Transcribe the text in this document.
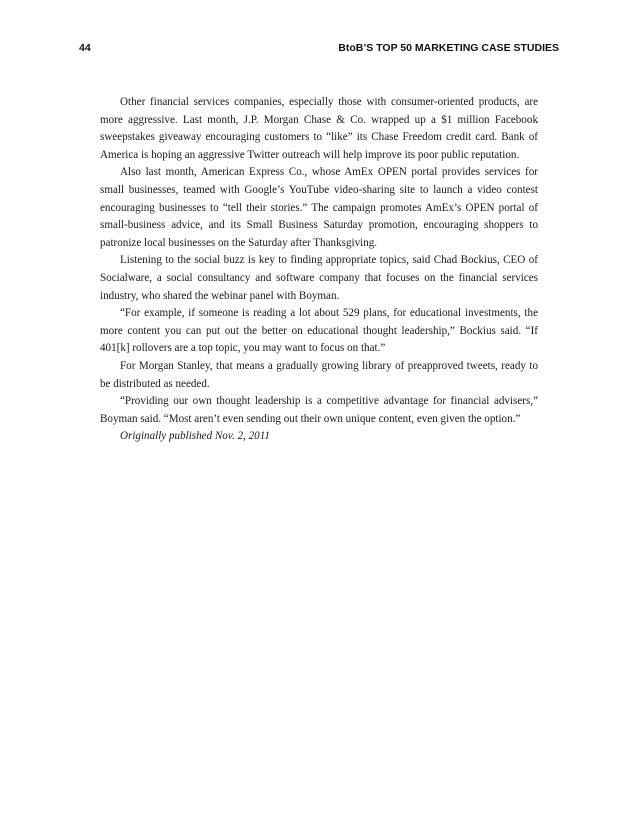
44	BtoB’S TOP 50 MARKETING CASE STUDIES

Other financial services companies, especially those with consumer-oriented products, are more aggressive. Last month, J.P. Morgan Chase & Co. wrapped up a $1 million Facebook sweepstakes giveaway encouraging customers to “like” its Chase Freedom credit card. Bank of America is hoping an aggressive Twitter outreach will help improve its poor public reputation.

Also last month, American Express Co., whose AmEx OPEN portal provides services for small businesses, teamed with Google’s YouTube video-sharing site to launch a video contest encouraging businesses to “tell their stories.” The campaign promotes AmEx’s OPEN portal of small-business advice, and its Small Business Saturday promotion, encouraging shoppers to patronize local businesses on the Saturday after Thanksgiving.

Listening to the social buzz is key to finding appropriate topics, said Chad Bockius, CEO of Socialware, a social consultancy and software company that focuses on the financial services industry, who shared the webinar panel with Boyman.

“For example, if someone is reading a lot about 529 plans, for educational investments, the more content you can put out the better on educational thought leadership,” Bockius said. “If 401[k] rollovers are a top topic, you may want to focus on that.”

For Morgan Stanley, that means a gradually growing library of preapproved tweets, ready to be distributed as needed.

“Providing our own thought leadership is a competitive advantage for financial advisers,” Boyman said. “Most aren’t even sending out their own unique content, even given the option.”

Originally published Nov. 2, 2011
